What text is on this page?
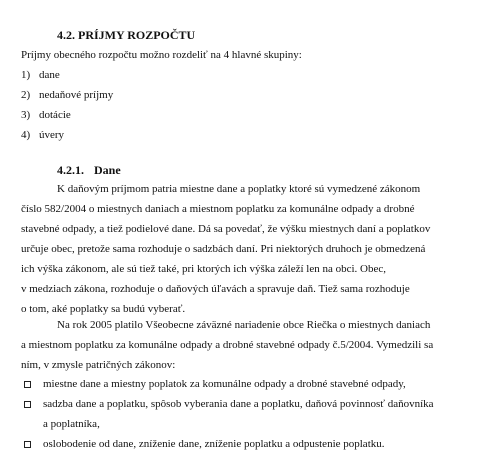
4.2. PRÍJMY ROZPOČTU
Príjmy obecného rozpočtu možno rozdeliť na 4 hlavné skupiny:
1) dane
2) nedaňové príjmy
3) dotácie
4) úvery
4.2.1. Dane
K daňovým príjmom patria miestne dane a poplatky ktoré sú vymedzené zákonom
číslo 582/2004 o miestnych daniach a miestnom poplatku za komunálne odpady a drobné
stavebné odpady, a tiež podielové dane. Dá sa povedať, že výšku miestnych daní a poplatkov
určuje obec, pretože sama rozhoduje o sadzbách daní. Pri niektorých druhoch je obmedzená
ich výška zákonom, ale sú tiež také, pri ktorých ich výška záleží len na obci. Obec,
v medziach zákona, rozhoduje o daňových úľavách a spravuje daň. Tiež sama rozhoduje
o tom, aké poplatky sa budú vyberať.
Na rok 2005 platilo Všeobecne záväzné nariadenie obce Riečka o miestnych daniach
a miestnom poplatku za komunálne odpady a drobné stavebné odpady č.5/2004. Vymedzili sa
ním, v zmysle patričných zákonov:
miestne dane a miestny poplatok za komunálne odpady a drobné stavebné odpady,
sadzba dane a poplatku, spôsob vyberania dane a poplatku, daňová povinnosť daňovníka
a poplatníka,
oslobodenie od dane, zníženie dane, zníženie poplatku a odpustenie poplatku.
